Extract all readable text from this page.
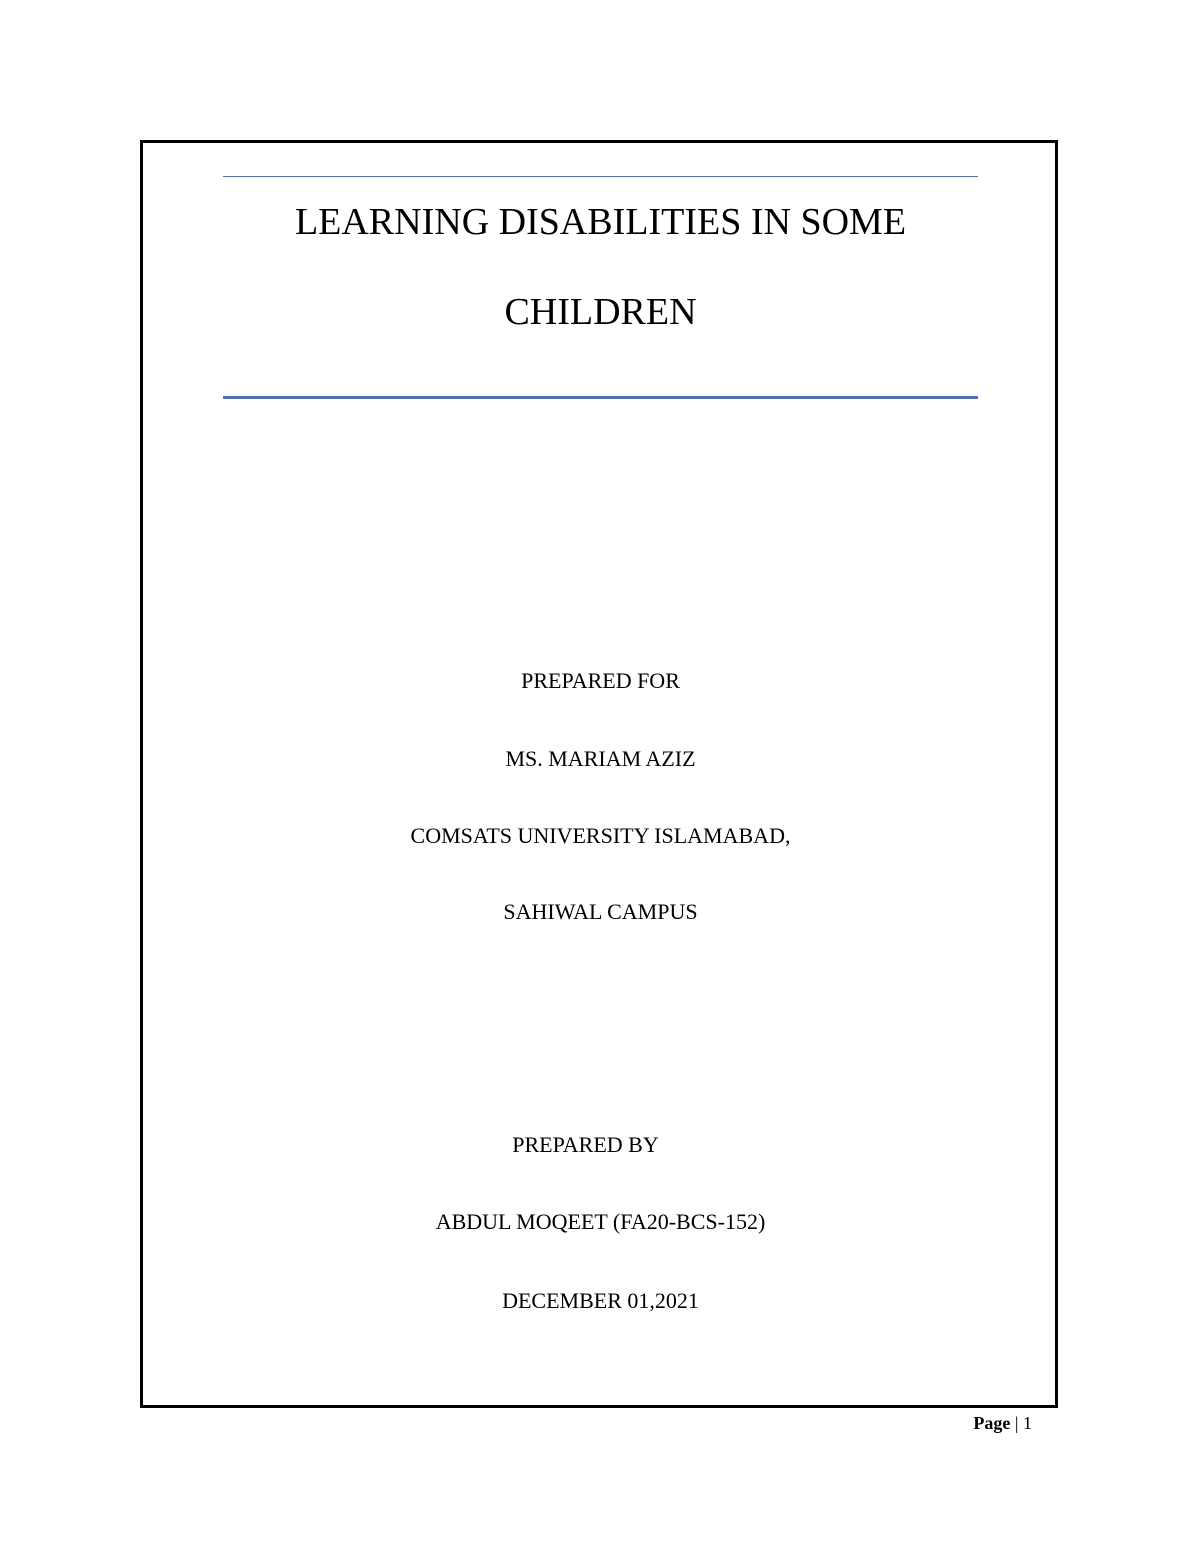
LEARNING DISABILITIES IN SOME
CHILDREN
PREPARED FOR
MS. MARIAM AZIZ
COMSATS UNIVERSITY ISLAMABAD,
SAHIWAL CAMPUS
PREPARED BY
ABDUL MOQEET (FA20-BCS-152)
DECEMBER 01,2021
Page | 1
